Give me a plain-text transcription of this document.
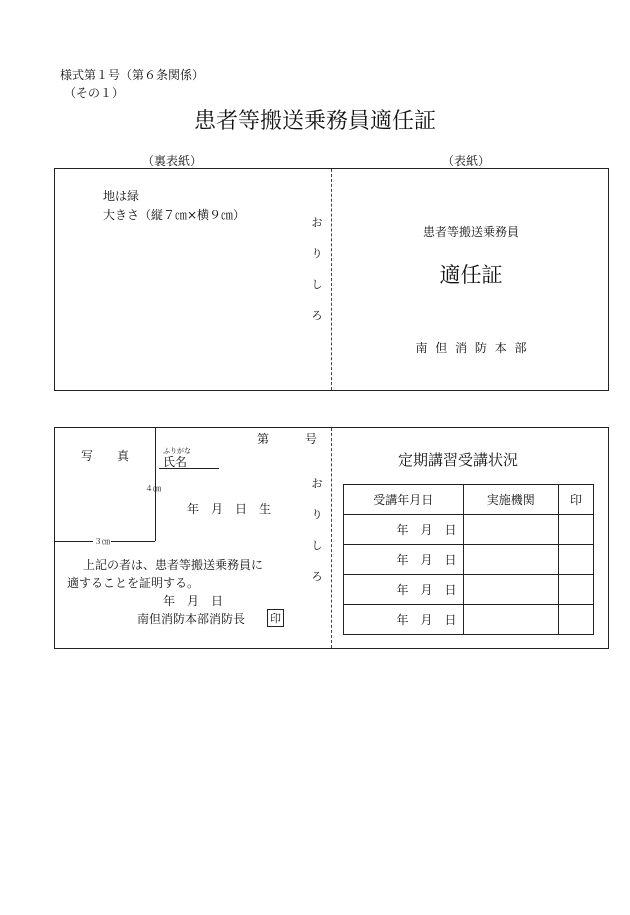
様式第１号（第６条関係）
（その１）
患者等搬送乗務員適任証
（裏表紙）	（表紙）
地は緑
大きさ（縦７㎝×横９㎝）
お
り
し
ろ
患者等搬送乗務員
適任証
南 但 消 防 本 部
第　　　号
写　　真	ふりがな
氏名
４㎝
３㎝
年　月　日　生
上記の者は、患者等搬送乗務員に
適することを証明する。
年　月　日
南但消防本部消防長 印
お
り
し
ろ
定期講習受講状況
受講年月日	実施機関	印
年　月　日		
年　月　日		
年　月　日		
年　月　日		
